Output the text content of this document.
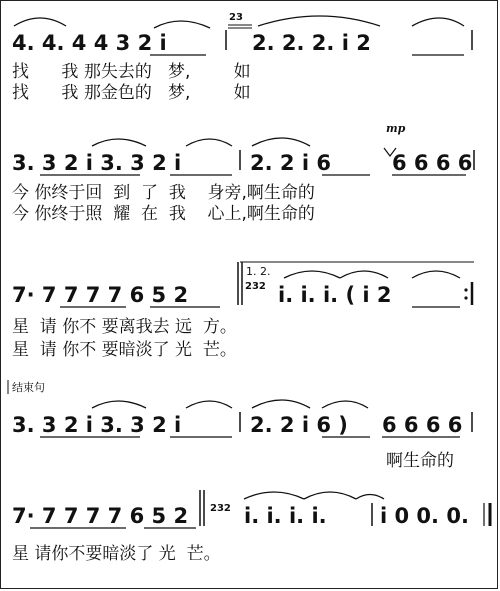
4. 4. 4 4 3 2 i
23
2. 2. 2. i 2
3. 3 2 i 3. 3 2 i
mp
2. 2 i 6	6 6 6 6
7· 7 7 7 7 6 5 2
1. 2.
232 i. i. i. ( i 2
结束句
3. 3 2 i 3. 3 2 i	2. 2 i 6 ) 6 6 6 6
7· 7 7 7 7 6 5 2 232 i. i. i. i.	i 0 0. 0.

找      我 那失去的   梦,        如

找      我 那金色的   梦,        如

今 你终于回  到  了  我    身旁,啊生命的

今 你终于照  耀  在  我    心上,啊生命的

星  请 你不 要离我去 远  方。

星  请 你不 要暗淡了 光  芒。

啊生命的

星 请你不要暗淡了 光  芒。
